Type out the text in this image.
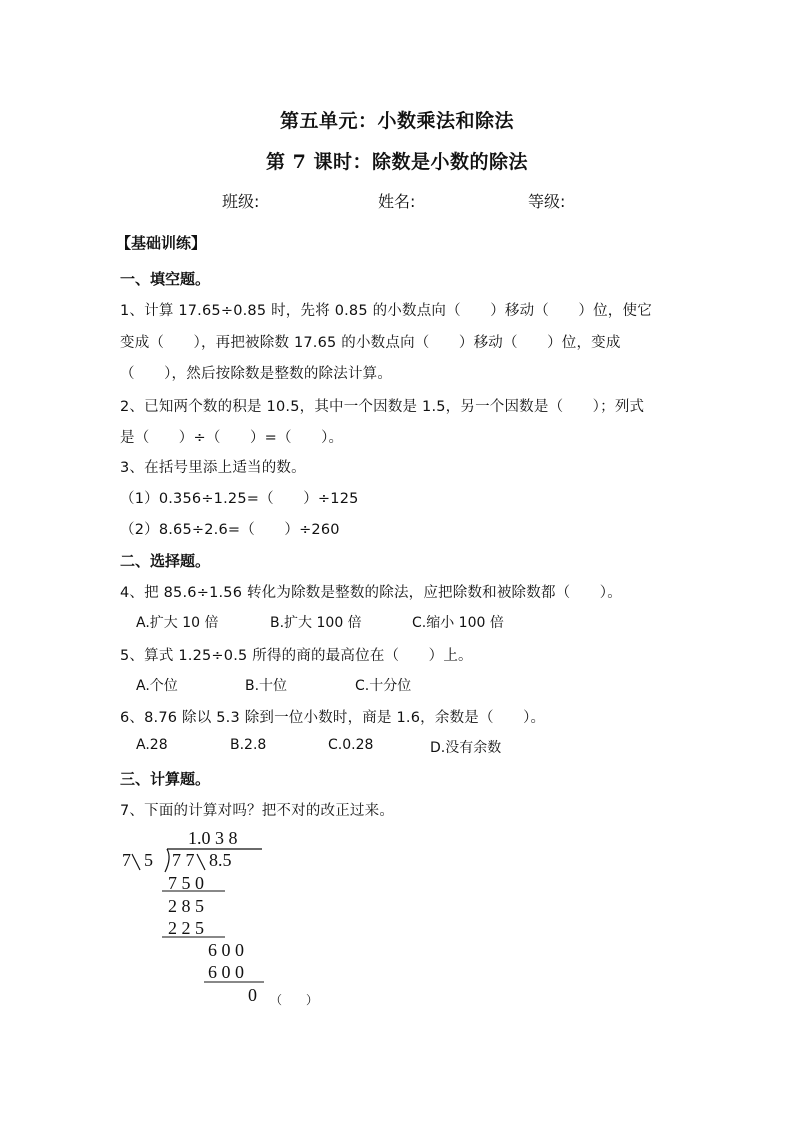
第五单元：小数乘法和除法
第 7 课时：除数是小数的除法
班级:	姓名:	等级:
【基础训练】
一、填空题。
1、计算 17.65÷0.85 时，先将 0.85 的小数点向（　　）移动（　　）位，使它
变成（　　），再把被除数 17.65 的小数点向（　　）移动（　　）位，变成
（　　），然后按除数是整数的除法计算。
2、已知两个数的积是 10.5，其中一个因数是 1.5，另一个因数是（　　）；列式
是（　　）÷（　　）=（　　）。
3、在括号里添上适当的数。
（1）0.356÷1.25=（　　）÷125
（2）8.65÷2.6=（　　）÷260
二、选择题。
4、把 85.6÷1.56 转化为除数是整数的除法，应把除数和被除数都（　　）。
A.扩大 10 倍	B.扩大 100 倍	C.缩小 100 倍
5、算式 1.25÷0.5 所得的商的最高位在（　　）上。
A.个位	B.十位	C.十分位
6、8.76 除以 5.3 除到一位小数时，商是 1.6，余数是（　　）。
A.28	B.2.8	C.0.28	D.没有余数
三、计算题。
7、下面的计算对吗？把不对的改正过来。
1.0 3 8
7 5 7 7 8.5
7 5 0
2 8 5
2 2 5
6 0 0
6 0 0
0 （　　）
